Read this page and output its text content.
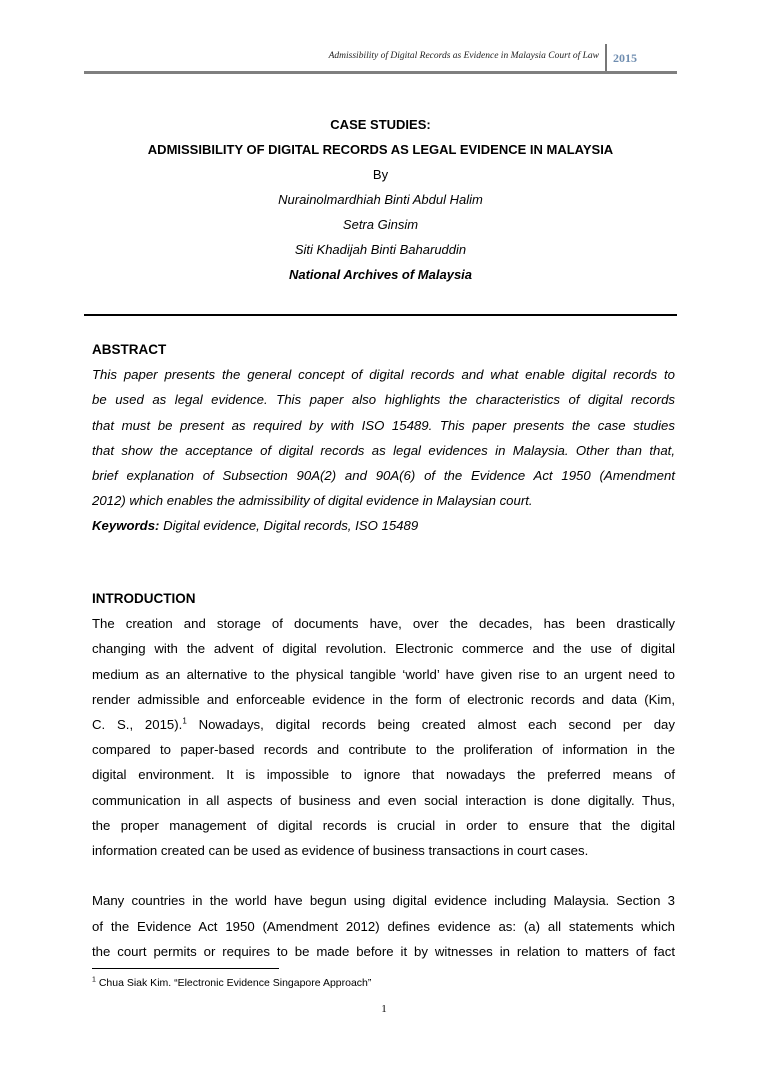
Admissibility of Digital Records as Evidence in Malaysia Court of Law 2015
CASE STUDIES:
ADMISSIBILITY OF DIGITAL RECORDS AS LEGAL EVIDENCE IN MALAYSIA
By
Nurainolmardhiah Binti Abdul Halim
Setra Ginsim
Siti Khadijah Binti Baharuddin
National Archives of Malaysia
ABSTRACT
This paper presents the general concept of digital records and what enable digital records to
be used as legal evidence. This paper also highlights the characteristics of digital records
that must be present as required by with ISO 15489. This paper presents the case studies
that show the acceptance of digital records as legal evidences in Malaysia. Other than that,
brief explanation of Subsection 90A(2) and 90A(6) of the Evidence Act 1950 (Amendment
2012) which enables the admissibility of digital evidence in Malaysian court.
Keywords: Digital evidence, Digital records, ISO 15489
INTRODUCTION
The creation and storage of documents have, over the decades, has been drastically
changing with the advent of digital revolution. Electronic commerce and the use of digital
medium as an alternative to the physical tangible ‘world’ have given rise to an urgent need to
render admissible and enforceable evidence in the form of electronic records and data (Kim,
C. S., 2015).$^1$ Nowadays, digital records being created almost each second per day
compared to paper-based records and contribute to the proliferation of information in the
digital environment. It is impossible to ignore that nowadays the preferred means of
communication in all aspects of business and even social interaction is done digitally. Thus,
the proper management of digital records is crucial in order to ensure that the digital
information created can be used as evidence of business transactions in court cases.

Many countries in the world have begun using digital evidence including Malaysia. Section 3
of the Evidence Act 1950 (Amendment 2012) defines evidence as: (a) all statements which
the court permits or requires to be made before it by witnesses in relation to matters of fact
$^1$ Chua Siak Kim. “Electronic Evidence Singapore Approach”
1
